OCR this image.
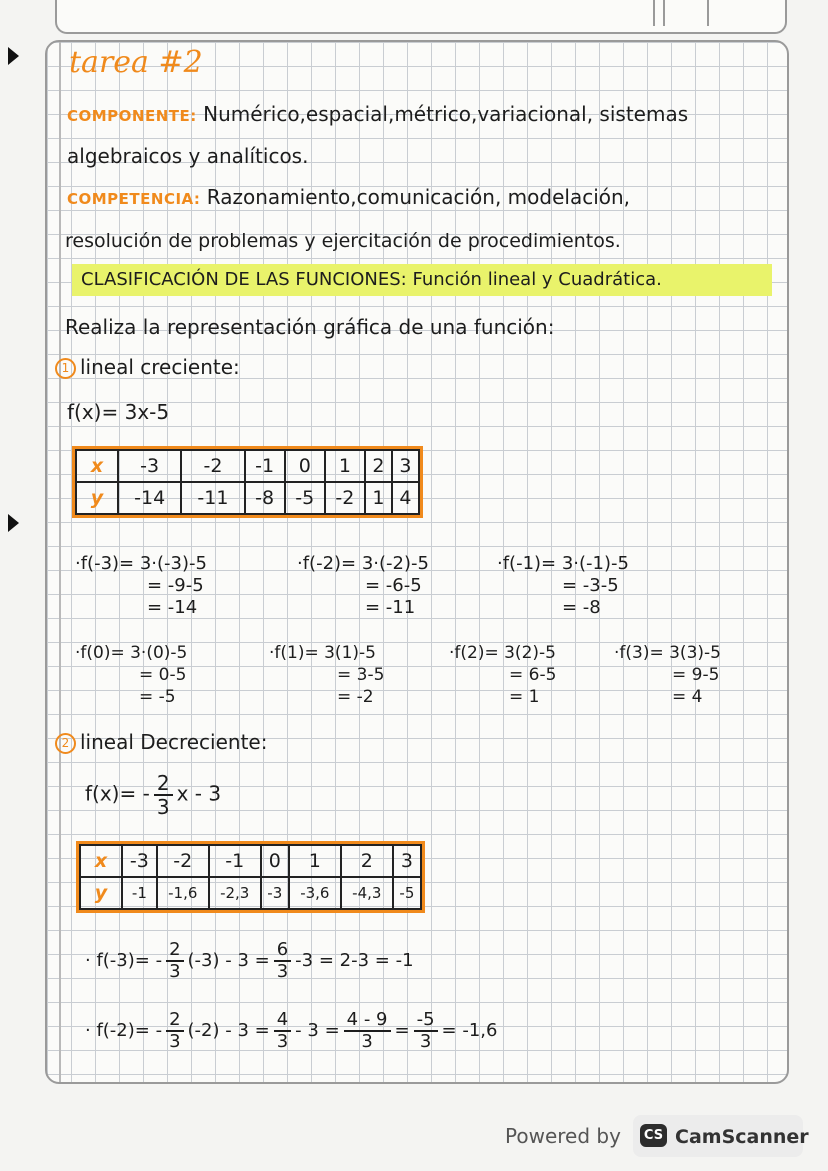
tarea #2
COMPONENTE: Numérico,espacial,métrico,variacional, sistemas
algebraicos y analíticos.
COMPETENCIA: Razonamiento,comunicación, modelación,
resolución de problemas y ejercitación de procedimientos.
CLASIFICACIÓN DE LAS FUNCIONES: Función lineal y Cuadrática.
Realiza la representación gráfica de una función:
1 lineal creciente:
f(x)= 3x-5
x	-3	-2	-1	0	1	2	3
y	-14	-11	-8	-5	-2	1	4
·f(-3)= 3·(-3)-5
= -9-5
= -14
·f(-2)= 3·(-2)-5
= -6-5
= -11
·f(-1)= 3·(-1)-5
= -3-5
= -8
·f(0)= 3·(0)-5
= 0-5
= -5
·f(1)= 3(1)-5
= 3-5
= -2
·f(2)= 3(2)-5
= 6-5
= 1
·f(3)= 3(3)-5
= 9-5
= 4
2 lineal Decreciente:
$f(x)= - \frac{2}{3}$ x - 3
x	-3	-2	-1	0	1	2	3
y	-1	-1,6	-2,3	-3	-3,6	-4,3	-5
· $f(-3)= - \frac{2}{3} (-3) - 3 = \frac{6}{3} -3 = 2-3 = -1$
· $f(-2)= - \frac{2}{3} (-2) - 3 = \frac{4}{3} - 3 = \frac{4 - 9}{3} = \frac{-5}{3} = -1,6$
Powered by	CS CamScanner
